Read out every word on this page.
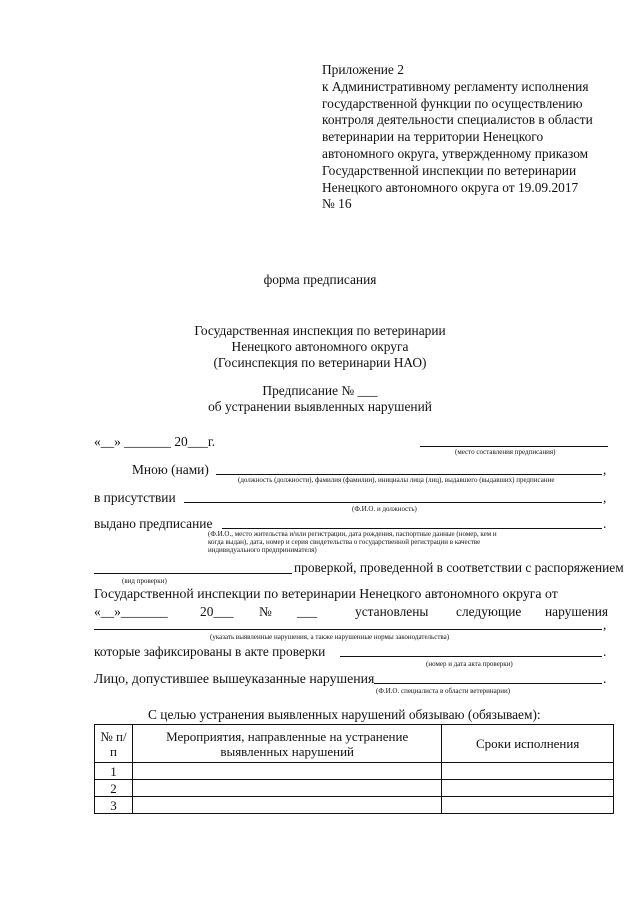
Приложение 2
к Административному регламенту исполнения
государственной функции по осуществлению
контроля деятельности специалистов в области
ветеринарии на территории Ненецкого
автономного округа, утвержденному приказом
Государственной инспекции по ветеринарии
Ненецкого автономного округа от 19.09.2017
№ 16
форма предписания
Государственная инспекция по ветеринарии
Ненецкого автономного округа
(Госинспекция по ветеринарии НАО)
Предписание № ___
об устранении выявленных нарушений
«__» _______ 20___г.
(место составления предписания)
Мною (нами)	,
(должность (должности), фамилия (фамилии), инициалы лица (лиц), выдавшего (выдавших) предписание
в присутствии	,
(Ф.И.О. и должность)
выдано предписание	.
(Ф.И.О., место жительства и/или регистрации, дата рождения, паспортные данные (номер, кем и
когда выдан), дата, номер и серия свидетельства о государственной регистрации в качестве
индивидуального предпринимателя)
проверкой, проведенной в соответствии с распоряжением
(вид проверки)
Государственной инспекции по ветеринарии Ненецкого автономного округа от
«__»_______ 20___ № ___	установлены следующие нарушения
,
(указать выявленные нарушения, а также нарушенные нормы законодательства)
которые зафиксированы в акте проверки	.
(номер и дата акта проверки)
Лицо, допустившее вышеуказанные нарушения	.
(Ф.И.О. специалиста в области ветеринарии)
С целью устранения выявленных нарушений обязываю (обязываем):
№ п/п	Мероприятия, направленные на устранение выявленных нарушений	Сроки исполнения
1		
2		
3		
